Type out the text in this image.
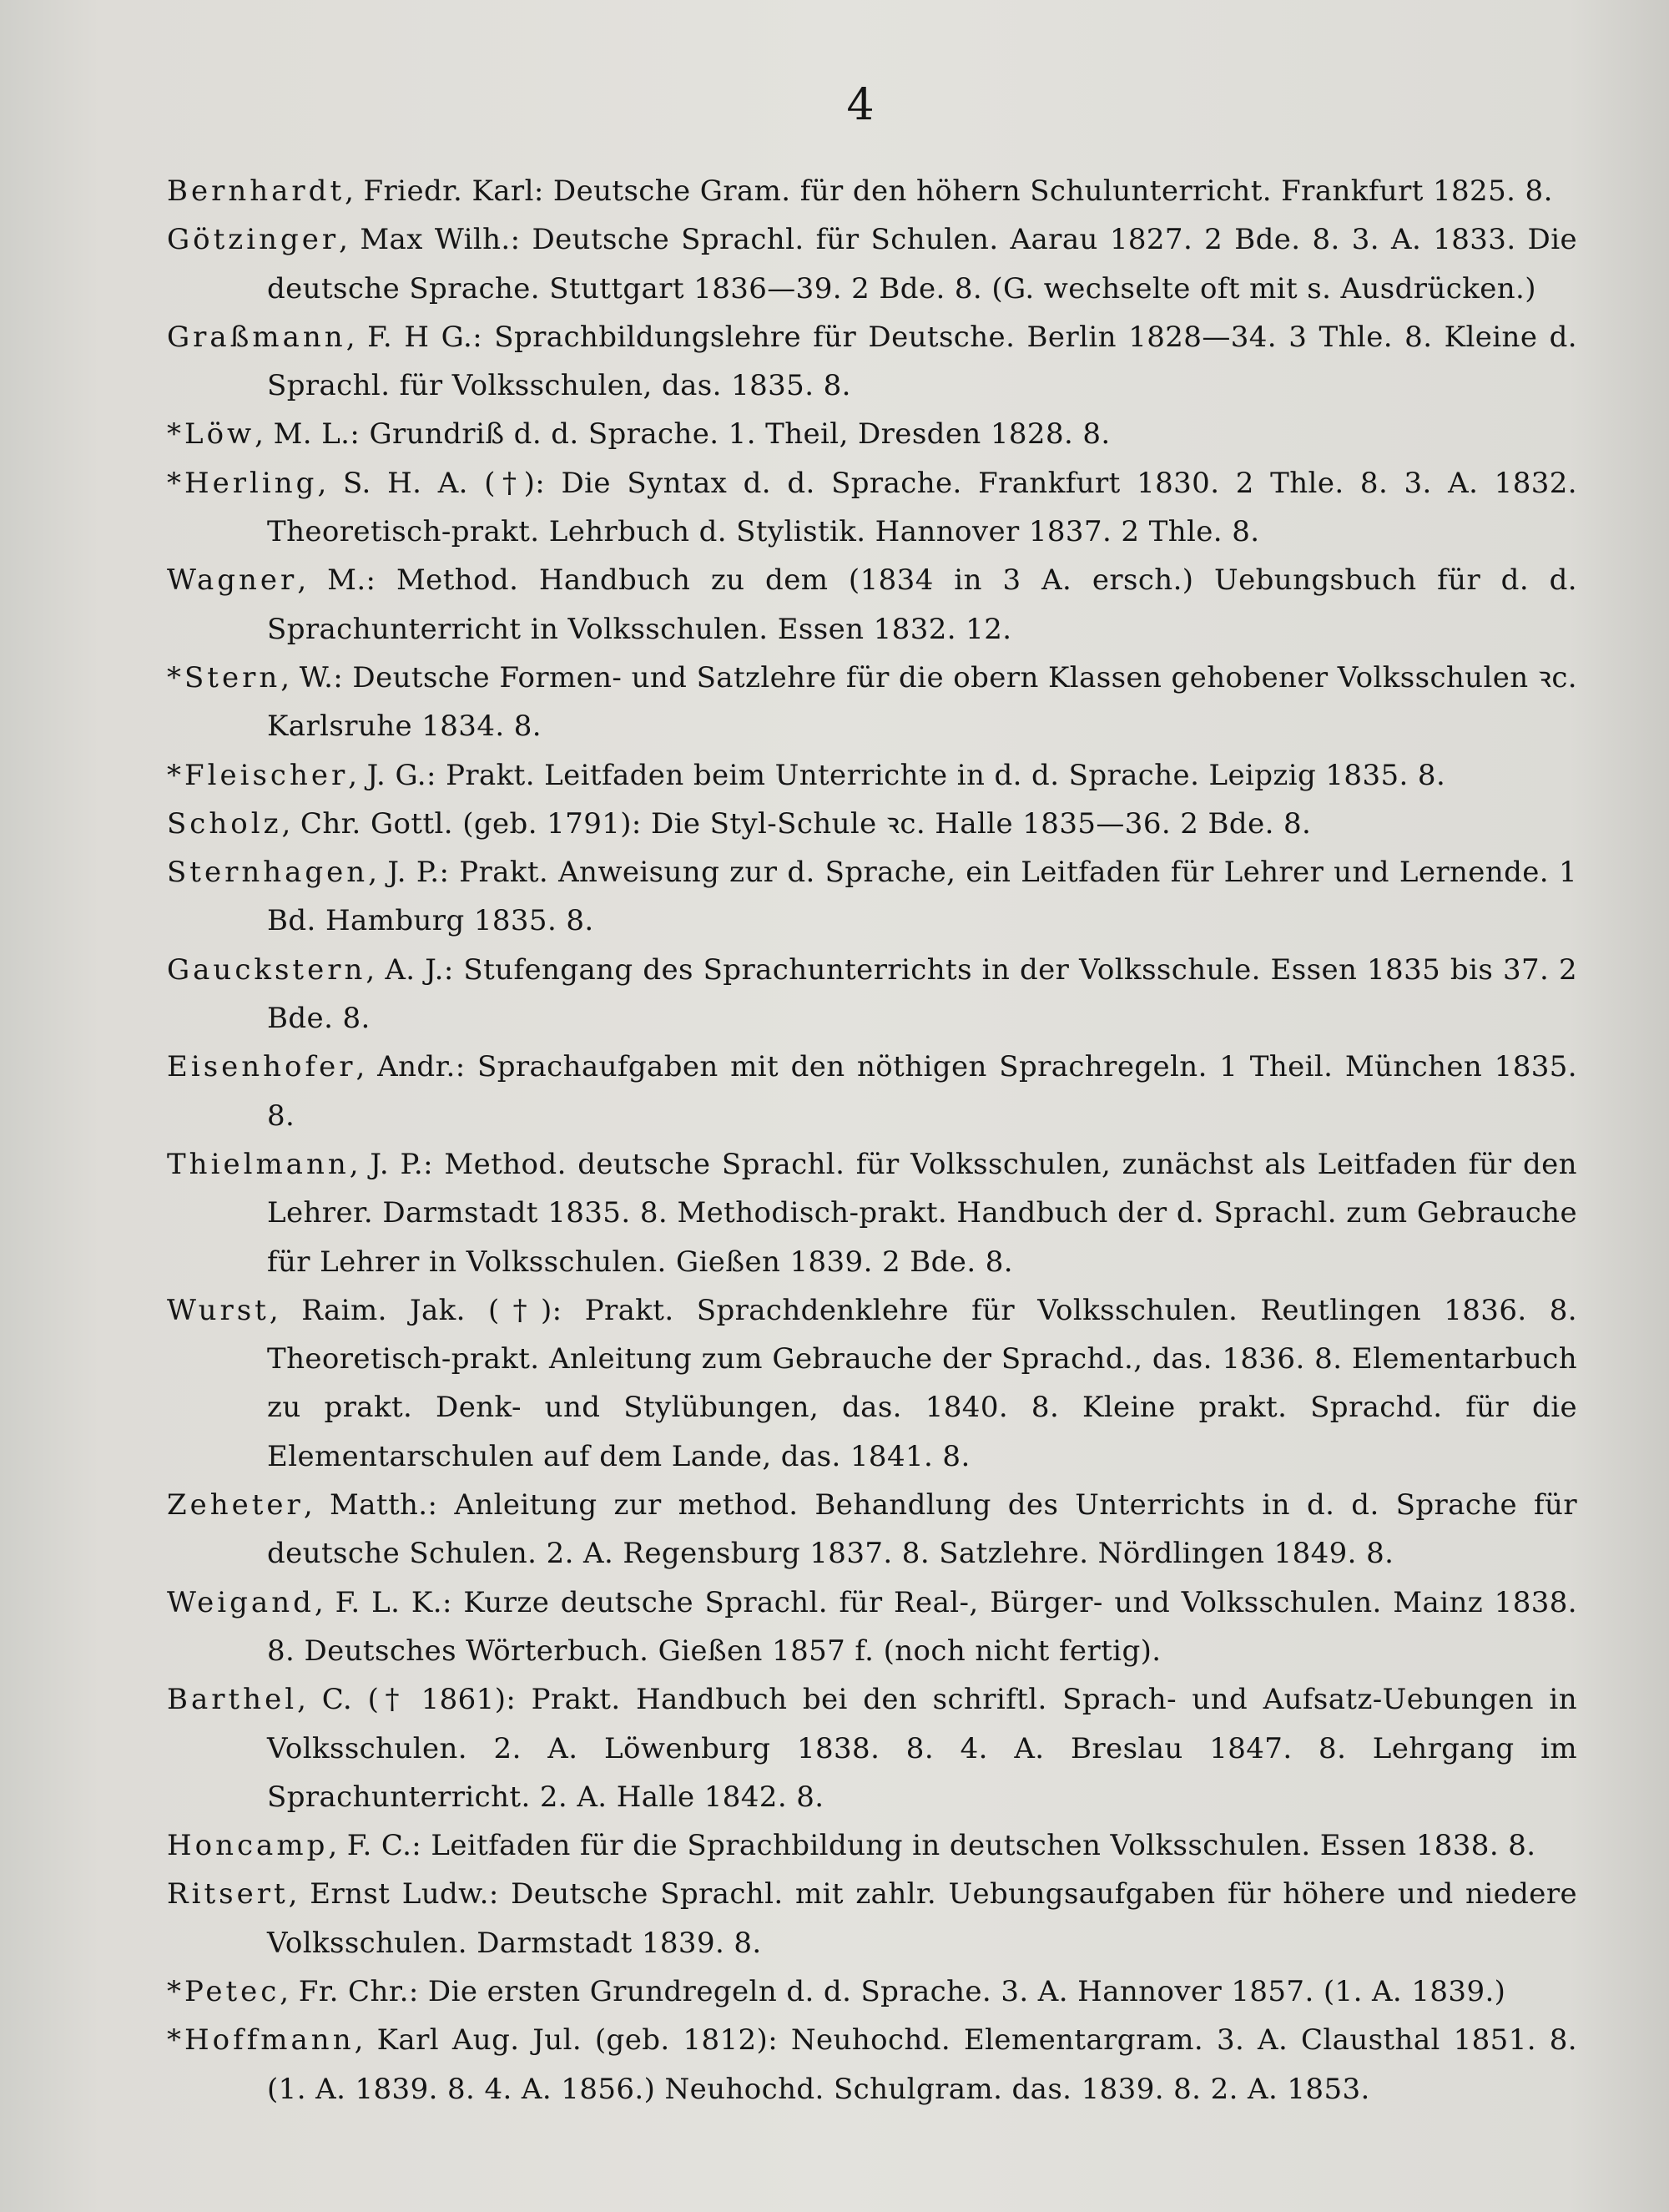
4

Bernhardt, Friedr. Karl: Deutsche Gram. für den höhern Schulunterricht. Frankfurt 1825. 8.

Götzinger, Max Wilh.: Deutsche Sprachl. für Schulen. Aarau 1827. 2 Bde. 8. 3. A. 1833. Die deutsche Sprache. Stuttgart 1836—39. 2 Bde. 8. (G. wechselte oft mit s. Ausdrücken.)

Graßmann, F. H G.: Sprachbildungslehre für Deutsche. Berlin 1828—34. 3 Thle. 8. Kleine d. Sprachl. für Volksschulen, das. 1835. 8.

*Löw, M. L.: Grundriß d. d. Sprache. 1. Theil, Dresden 1828. 8.

*Herling, S. H. A. (†): Die Syntax d. d. Sprache. Frankfurt 1830. 2 Thle. 8. 3. A. 1832. Theoretisch-prakt. Lehrbuch d. Stylistik. Hannover 1837. 2 Thle. 8.

Wagner, M.: Method. Handbuch zu dem (1834 in 3 A. ersch.) Uebungsbuch für d. d. Sprachunterricht in Volksschulen. Essen 1832. 12.

*Stern, W.: Deutsche Formen- und Satzlehre für die obern Klassen gehobener Volksschulen ꝛc. Karlsruhe 1834. 8.

*Fleischer, J. G.: Prakt. Leitfaden beim Unterrichte in d. d. Sprache. Leipzig 1835. 8.

Scholz, Chr. Gottl. (geb. 1791): Die Styl-Schule ꝛc. Halle 1835—36. 2 Bde. 8.

Sternhagen, J. P.: Prakt. Anweisung zur d. Sprache, ein Leitfaden für Lehrer und Lernende. 1 Bd. Hamburg 1835. 8.

Gauckstern, A. J.: Stufengang des Sprachunterrichts in der Volksschule. Essen 1835 bis 37. 2 Bde. 8.

Eisenhofer, Andr.: Sprachaufgaben mit den nöthigen Sprachregeln. 1 Theil. München 1835. 8.

Thielmann, J. P.: Method. deutsche Sprachl. für Volksschulen, zunächst als Leitfaden für den Lehrer. Darmstadt 1835. 8. Methodisch-prakt. Handbuch der d. Sprachl. zum Gebrauche für Lehrer in Volksschulen. Gießen 1839. 2 Bde. 8.

Wurst, Raim. Jak. (†): Prakt. Sprachdenklehre für Volksschulen. Reutlingen 1836. 8. Theoretisch-prakt. Anleitung zum Gebrauche der Sprachd., das. 1836. 8. Elementarbuch zu prakt. Denk- und Stylübungen, das. 1840. 8. Kleine prakt. Sprachd. für die Elementarschulen auf dem Lande, das. 1841. 8.

Zeheter, Matth.: Anleitung zur method. Behandlung des Unterrichts in d. d. Sprache für deutsche Schulen. 2. A. Regensburg 1837. 8. Satzlehre. Nördlingen 1849. 8.

Weigand, F. L. K.: Kurze deutsche Sprachl. für Real-, Bürger- und Volksschulen. Mainz 1838. 8. Deutsches Wörterbuch. Gießen 1857 f. (noch nicht fertig).

Barthel, C. († 1861): Prakt. Handbuch bei den schriftl. Sprach- und Aufsatz-Uebungen in Volksschulen. 2. A. Löwenburg 1838. 8. 4. A. Breslau 1847. 8. Lehrgang im Sprachunterricht. 2. A. Halle 1842. 8.

Honcamp, F. C.: Leitfaden für die Sprachbildung in deutschen Volksschulen. Essen 1838. 8.

Ritsert, Ernst Ludw.: Deutsche Sprachl. mit zahlr. Uebungsaufgaben für höhere und niedere Volksschulen. Darmstadt 1839. 8.

*Petec, Fr. Chr.: Die ersten Grundregeln d. d. Sprache. 3. A. Hannover 1857. (1. A. 1839.)

*Hoffmann, Karl Aug. Jul. (geb. 1812): Neuhochd. Elementargram. 3. A. Clausthal 1851. 8. (1. A. 1839. 8. 4. A. 1856.) Neuhochd. Schulgram. das. 1839. 8. 2. A. 1853.
